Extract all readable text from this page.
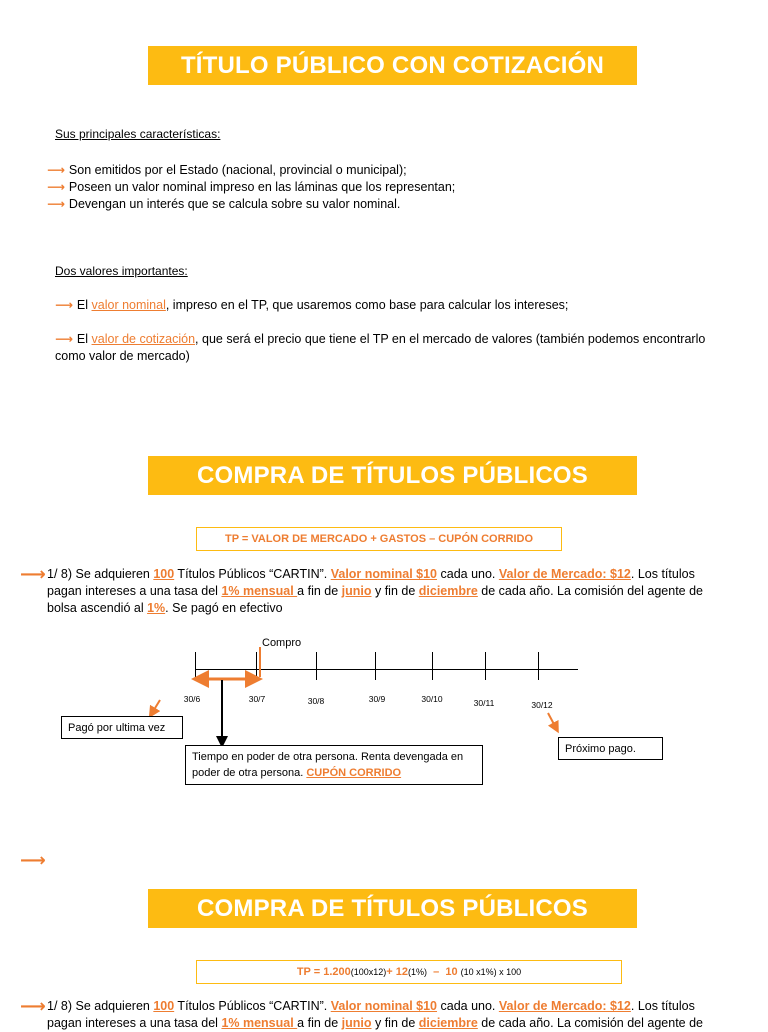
TÍTULO PÚBLICO CON COTIZACIÓN
Sus principales características:
⟶ Son emitidos por el Estado (nacional, provincial o municipal);
⟶ Poseen un valor nominal impreso en las láminas que los representan;
⟶ Devengan un interés que se calcula sobre su valor nominal.
Dos valores importantes:
⟶ El valor nominal, impreso en el TP, que usaremos como base para calcular los intereses;
⟶ El valor de cotización, que será el precio que tiene el TP en el mercado de valores (también podemos encontrarlo
como valor de mercado)
COMPRA DE TÍTULOS PÚBLICOS
TP = VALOR DE MERCADO + GASTOS – CUPÓN CORRIDO
⟶ 1/ 8) Se adquieren 100 Títulos Públicos “CARTIN”. Valor nominal $10 cada uno. Valor de Mercado: $12. Los títulos
pagan intereses a una tasa del 1% mensual a fin de junio y fin de diciembre de cada año. La comisión del agente de
bolsa ascendió al 1%. Se pagó en efectivo
Compro
30/6	30/7	30/8	30/9	30/10	30/11	30/12
Pagó por ultima vez
Próximo pago.
Tiempo en poder de otra persona. Renta devengada en
poder de otra persona. CUPÓN CORRIDO
⟶
COMPRA DE TÍTULOS PÚBLICOS
TP = 1.200 (100x12) + 12 (1%) –  10 (10 x1%) x 100
⟶ 1/ 8) Se adquieren 100 Títulos Públicos “CARTIN”. Valor nominal $10 cada uno. Valor de Mercado: $12. Los títulos
pagan intereses a una tasa del 1% mensual a fin de junio y fin de diciembre de cada año. La comisión del agente de
